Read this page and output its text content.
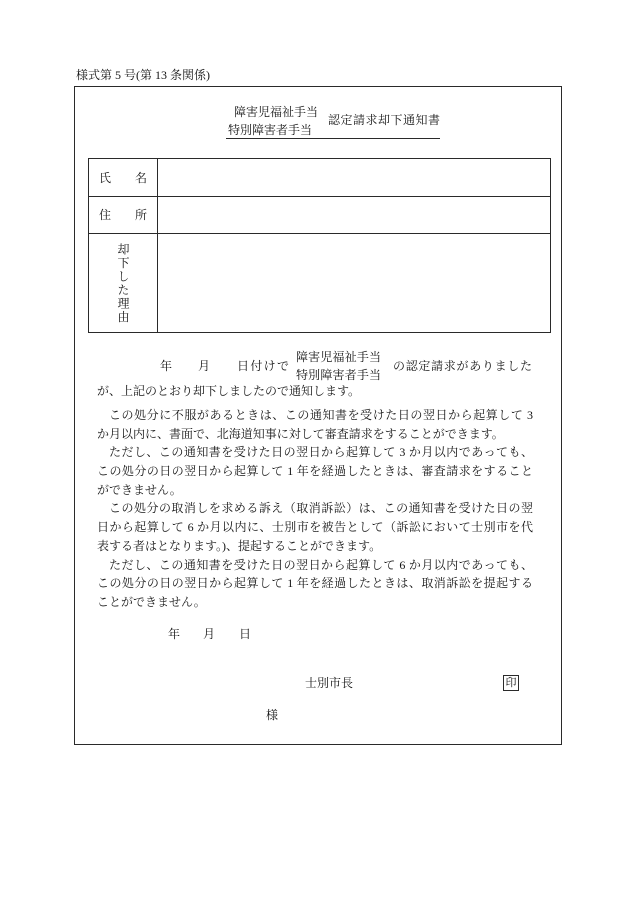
様式第 5 号(第 13 条関係)
障害児福祉手当
特別障害者手当
認定請求却下通知書
氏　　名
住　　所
却下した理由
年 月 日付けで
障害児福祉手当
特別障害者手当
の認定請求がありました
が、上記のとおり却下しましたので通知します。
この処分に不服があるときは、この通知書を受けた日の翌日から起算して 3
か月以内に、書面で、北海道知事に対して審査請求をすることができます。
ただし、この通知書を受けた日の翌日から起算して 3 か月以内であっても、
この処分の日の翌日から起算して 1 年を経過したときは、審査請求をすること
ができません。
この処分の取消しを求める訴え（取消訴訟）は、この通知書を受けた日の翌
日から起算して 6 か月以内に、士別市を被告として（訴訟において士別市を代
表する者はとなります。)、提起することができます。
ただし、この通知書を受けた日の翌日から起算して 6 か月以内であっても、
この処分の日の翌日から起算して 1 年を経過したときは、取消訴訟を提起する
ことができません。
年 月 日
士別市長	印
様
